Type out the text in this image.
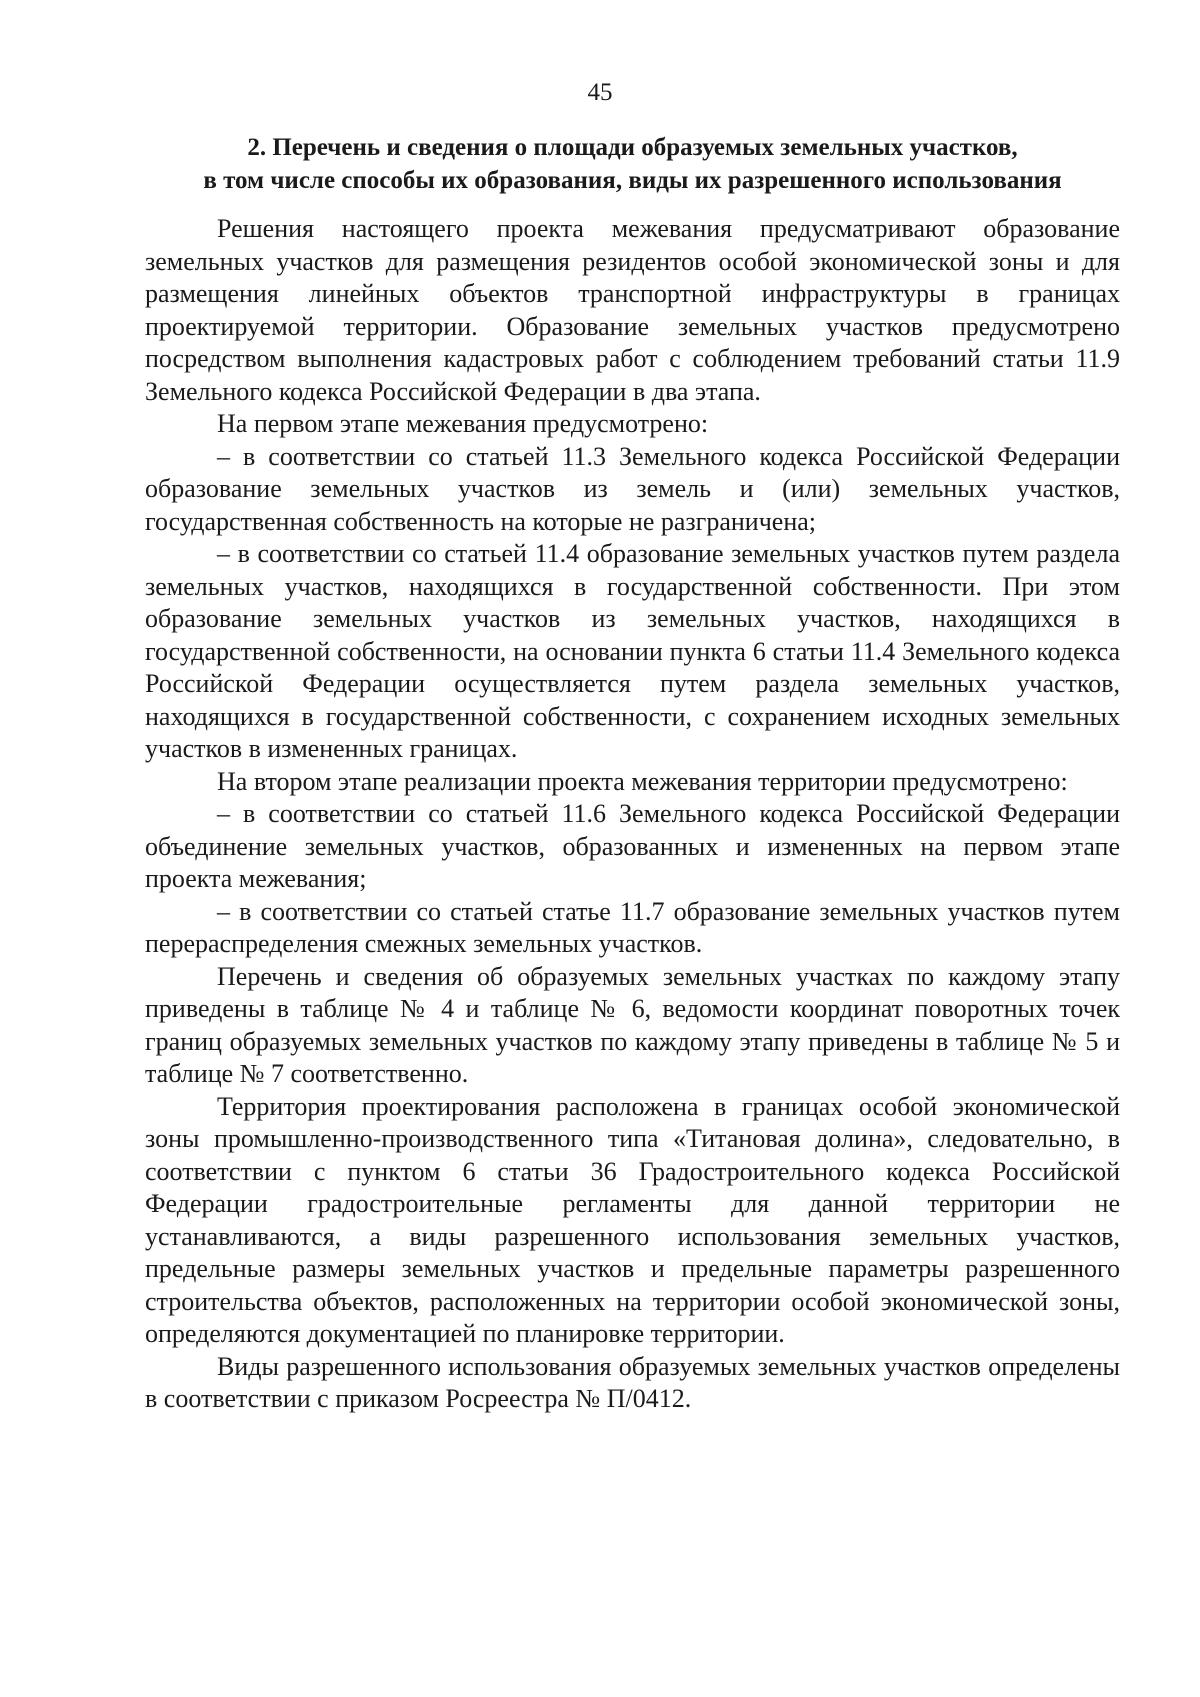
45
2. Перечень и сведения о площади образуемых земельных участков,
в том числе способы их образования, виды их разрешенного использования

Решения настоящего проекта межевания предусматривают образование земельных участков для размещения резидентов особой экономической зоны и для размещения линейных объектов транспортной инфраструктуры в границах проектируемой территории. Образование земельных участков предусмотрено посредством выполнения кадастровых работ с соблюдением требований статьи 11.9 Земельного кодекса Российской Федерации в два этапа.

На первом этапе межевания предусмотрено:

– в соответствии со статьей 11.3 Земельного кодекса Российской Федерации образование земельных участков из земель и (или) земельных участков, государственная собственность на которые не разграничена;

– в соответствии со статьей 11.4 образование земельных участков путем раздела земельных участков, находящихся в государственной собственности. При этом образование земельных участков из земельных участков, находящихся в государственной собственности, на основании пункта 6 статьи 11.4 Земельного кодекса Российской Федерации осуществляется путем раздела земельных участков, находящихся в государственной собственности, с сохранением исходных земельных участков в измененных границах.

На втором этапе реализации проекта межевания территории предусмотрено:

– в соответствии со статьей 11.6 Земельного кодекса Российской Федерации объединение земельных участков, образованных и измененных на первом этапе проекта межевания;

– в соответствии со статьей статье 11.7 образование земельных участков путем перераспределения смежных земельных участков.

Перечень и сведения об образуемых земельных участках по каждому этапу приведены в таблице № 4 и таблице № 6, ведомости координат поворотных точек границ образуемых земельных участков по каждому этапу приведены в таблице № 5 и таблице № 7 соответственно.

Территория проектирования расположена в границах особой экономической зоны промышленно-производственного типа «Титановая долина», следовательно, в соответствии с пунктом 6 статьи 36 Градостроительного кодекса Российской Федерации градостроительные регламенты для данной территории не устанавливаются, а виды разрешенного использования земельных участков, предельные размеры земельных участков и предельные параметры разрешенного строительства объектов, расположенных на территории особой экономической зоны, определяются документацией по планировке территории.

Виды разрешенного использования образуемых земельных участков определены в соответствии с приказом Росреестра № П/0412.
